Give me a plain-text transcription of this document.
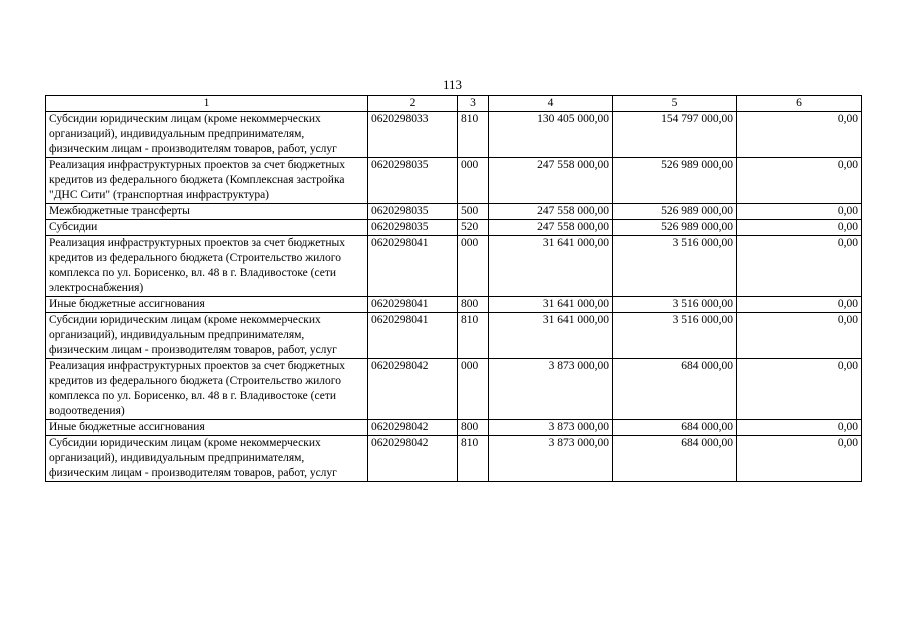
113
1	2	3	4	5	6
Субсидии юридическим лицам (кроме некоммерческих организаций), индивидуальным предпринимателям, физическим лицам - производителям товаров, работ, услуг	0620298033	810	130 405 000,00	154 797 000,00	0,00
Реализация инфраструктурных проектов за счет бюджетных кредитов из федерального бюджета (Комплексная застройка "ДНС Сити" (транспортная инфраструктура)	0620298035	000	247 558 000,00	526 989 000,00	0,00
Межбюджетные трансферты	0620298035	500	247 558 000,00	526 989 000,00	0,00
Субсидии	0620298035	520	247 558 000,00	526 989 000,00	0,00
Реализация инфраструктурных проектов за счет бюджетных кредитов из федерального бюджета (Строительство жилого комплекса по ул. Борисенко, вл. 48 в г. Владивостоке (сети электроснабжения)	0620298041	000	31 641 000,00	3 516 000,00	0,00
Иные бюджетные ассигнования	0620298041	800	31 641 000,00	3 516 000,00	0,00
Субсидии юридическим лицам (кроме некоммерческих организаций), индивидуальным предпринимателям, физическим лицам - производителям товаров, работ, услуг	0620298041	810	31 641 000,00	3 516 000,00	0,00
Реализация инфраструктурных проектов за счет бюджетных кредитов из федерального бюджета (Строительство жилого комплекса по ул. Борисенко, вл. 48 в г. Владивостоке (сети водоотведения)	0620298042	000	3 873 000,00	684 000,00	0,00
Иные бюджетные ассигнования	0620298042	800	3 873 000,00	684 000,00	0,00
Субсидии юридическим лицам (кроме некоммерческих организаций), индивидуальным предпринимателям, физическим лицам - производителям товаров, работ, услуг	0620298042	810	3 873 000,00	684 000,00	0,00
